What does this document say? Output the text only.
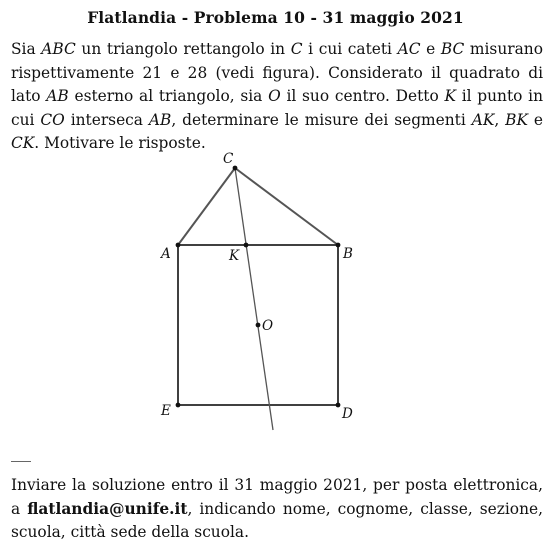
Flatlandia - Problema 10 - 31 maggio 2021
Sia ABC un triangolo rettangolo in C i cui cateti AC e BC misurano rispettivamente 21 e 28 (vedi figura). Considerato il quadrato di lato AB esterno al triangolo, sia O il suo centro. Detto K il punto in cui CO interseca AB, determinare le misure dei segmenti AK, BK e CK. Motivare le risposte.
C
A	B
K
O
E	D
Inviare la soluzione entro il 31 maggio 2021, per posta elettronica, a flatlandia@unife.it, indicando nome, cognome, classe, sezione, scuola, città sede della scuola.
